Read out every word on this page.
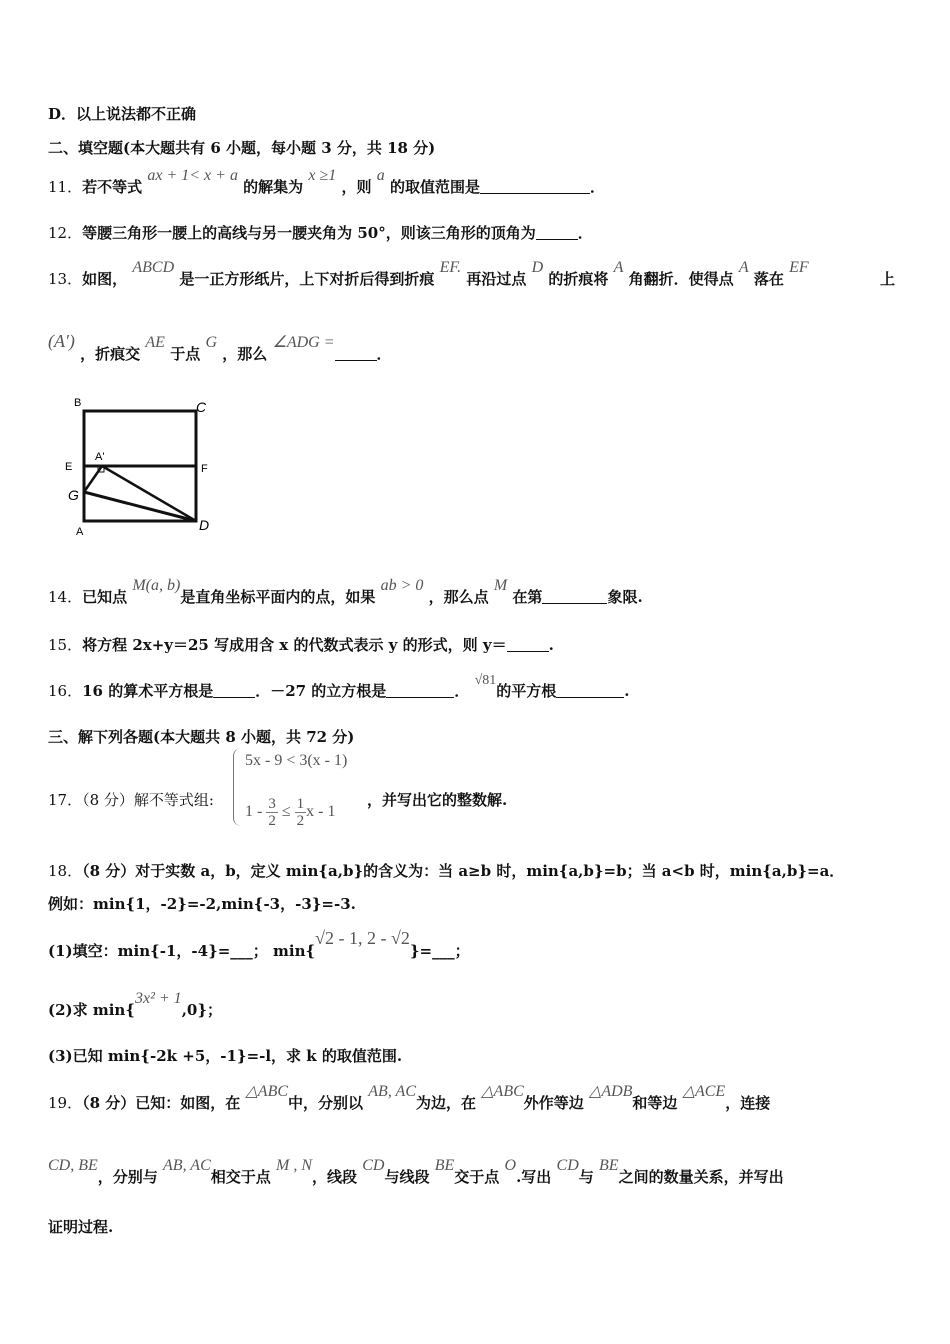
D．以上说法都不正确
二、填空题(本大题共有 6 小题，每小题 3 分，共 18 分)
11．若不等式 ax + 1< x + a 的解集为 x ≥1 ，则 a 的取值范围是	．
12．等腰三角形一腰上的高线与另一腰夹角为 50°，则该三角形的顶角为	．
13．如图， ABCD 是一正方形纸片，上下对折后得到折痕 EF. 再沿过点 D 的折痕将 A 角翻折．使得点 A 落在 EF
上
(A′) ，折痕交 AE 于点 G ，那么 ∠ADG =．
B	C
E
A'
F
G
A	D
14．已知点 M(a, b)是直角坐标平面内的点，如果 ab > 0 ，那么点 M 在第	象限.
15．将方程 2x+y＝25 写成用含 x 的代数式表示 y 的形式，则 y＝	.
16．16 的算术平方根是	．－27 的立方根是	． √81的平方根	.
三、解下列各题(本大题共 8 小题，共 72 分)
17．（8 分）解不等式组:
5x - 9 < 3(x - 1)
$1 - \frac{3}{2} \le \frac{1}{2}$ x - 1
，并写出它的整数解.
18．（8 分）对于实数 a，b，定义 min{a,b}的含义为：当 a≥b 时，min{a,b}=b；当 a<b 时，min{a,b}=a．
例如：min{1，-2}=-2,min{-3，-3}=-3.
(1)填空：min{-1，-4}=___； min{√2 - 1, 2 - √2}=___；
(2)求 min{3x² + 1,0}；
(3)已知 min{-2k +5，-1}=-l，求 k 的取值范围.
19．（8 分）已知：如图，在 △ABC中，分别以 AB, AC为边，在 △ABC外作等边 △ADB和等边 △ACE，连接
CD, BE，分别与 AB, AC相交于点 M , N，线段 CD与线段 BE交于点 O.写出 CD与 BE之间的数量关系，并写出
证明过程.
